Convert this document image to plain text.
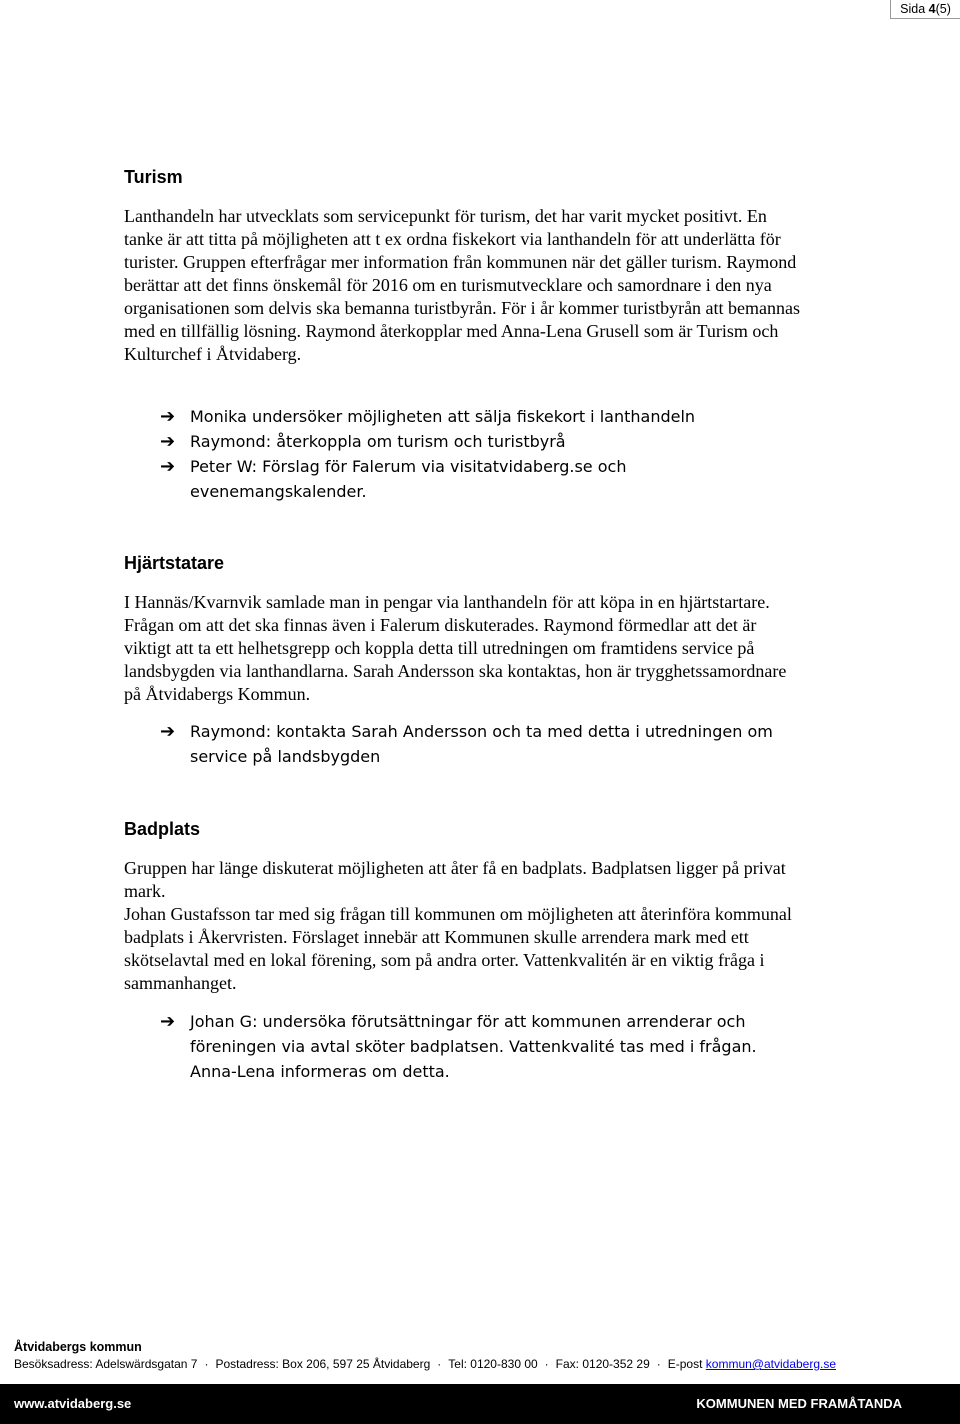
Sida 4(5)
Turism

Lanthandeln har utvecklats som servicepunkt för turism, det har varit mycket positivt. En tanke är att titta på möjligheten att t ex ordna fiskekort via lanthandeln för att underlätta för turister. Gruppen efterfrågar mer information från kommunen när det gäller turism. Raymond berättar att det finns önskemål för 2016 om en turismutvecklare och samordnare i den nya organisationen som delvis ska bemanna turistbyrån. För i år kommer turistbyrån att bemannas med en tillfällig lösning. Raymond återkopplar med Anna-Lena Grusell som är Turism och Kulturchef i Åtvidaberg.

➔ Monika undersöker möjligheten att sälja fiskekort i lanthandeln
➔ Raymond: återkoppla om turism och turistbyrå
➔ Peter W: Förslag för Falerum via visitatvidaberg.se och evenemangskalender.
Hjärtstatare

I Hannäs/Kvarnvik samlade man in pengar via lanthandeln för att köpa in en hjärtstartare. Frågan om att det ska finnas även i Falerum diskuterades. Raymond förmedlar att det är viktigt att ta ett helhetsgrepp och koppla detta till utredningen om framtidens service på landsbygden via lanthandlarna. Sarah Andersson ska kontaktas, hon är trygghetssamordnare på Åtvidabergs Kommun.

➔ Raymond: kontakta Sarah Andersson och ta med detta i utredningen om service på landsbygden
Badplats

Gruppen har länge diskuterat möjligheten att åter få en badplats. Badplatsen ligger på privat mark.

Johan Gustafsson tar med sig frågan till kommunen om möjligheten att återinföra kommunal badplats i Åkervristen. Förslaget innebär att Kommunen skulle arrendera mark med ett skötselavtal med en lokal förening, som på andra orter. Vattenkvalitén är en viktig fråga i sammanhanget.

➔ Johan G: undersöka förutsättningar för att kommunen arrenderar och föreningen via avtal sköter badplatsen. Vattenkvalité tas med i frågan. Anna-Lena informeras om detta.
Åtvidabergs kommun
Besöksadress: Adelswärdsgatan 7 · Postadress: Box 206, 597 25 Åtvidaberg · Tel: 0120-830 00 · Fax: 0120-352 29 · E-post kommun@atvidaberg.se
www.atvidaberg.se	KOMMUNEN MED FRAMÅTANDA
